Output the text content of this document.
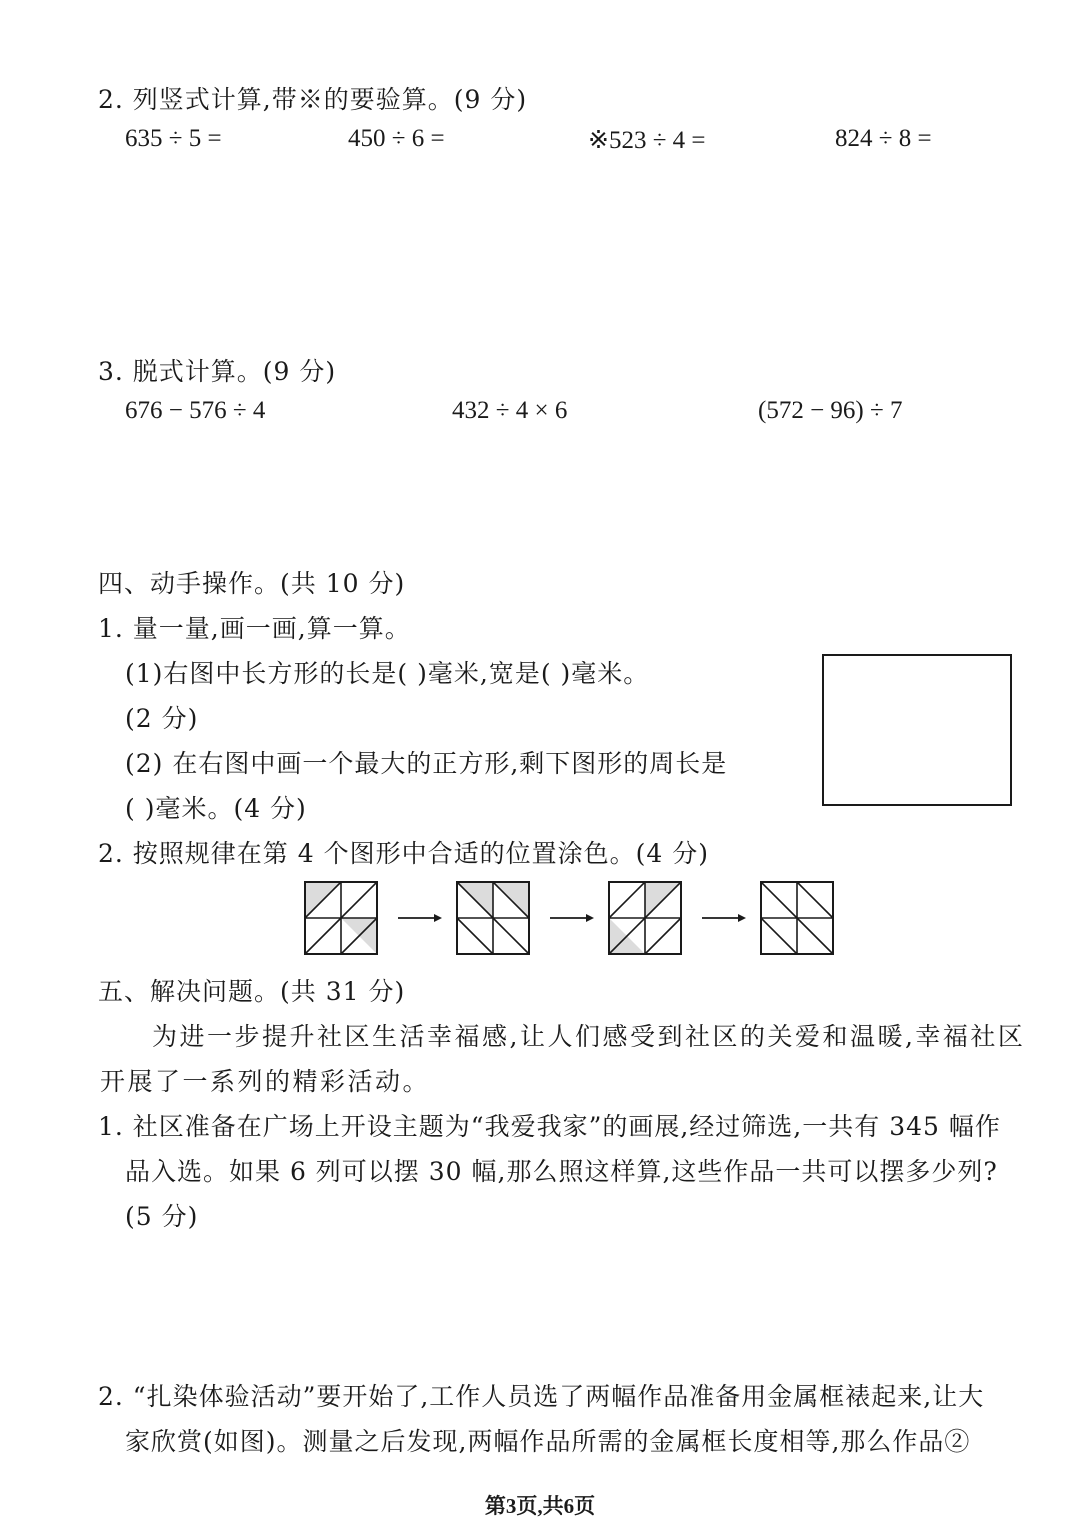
2. 列竖式计算,带※的要验算。(9 分)
635 ÷ 5 =	450 ÷ 6 =	※523 ÷ 4 =	824 ÷ 8 =
3. 脱式计算。(9 分)
676 − 576 ÷ 4	432 ÷ 4 × 6	(572 − 96) ÷ 7
四、动手操作。(共 10 分)
1. 量一量,画一画,算一算。
(1)右图中长方形的长是( )毫米,宽是( )毫米。
(2 分)
(2) 在右图中画一个最大的正方形,剩下图形的周长是
( )毫米。(4 分)
2. 按照规律在第 4 个图形中合适的位置涂色。(4 分)
五、解决问题。(共 31 分)
为进一步提升社区生活幸福感,让人们感受到社区的关爱和温暖,幸福社区
开展了一系列的精彩活动。
1. 社区准备在广场上开设主题为“我爱我家”的画展,经过筛选,一共有 345 幅作
品入选。如果 6 列可以摆 30 幅,那么照这样算,这些作品一共可以摆多少列?
(5 分)
2. “扎染体验活动”要开始了,工作人员选了两幅作品准备用金属框裱起来,让大
家欣赏(如图)。测量之后发现,两幅作品所需的金属框长度相等,那么作品②
第3页,共6页
